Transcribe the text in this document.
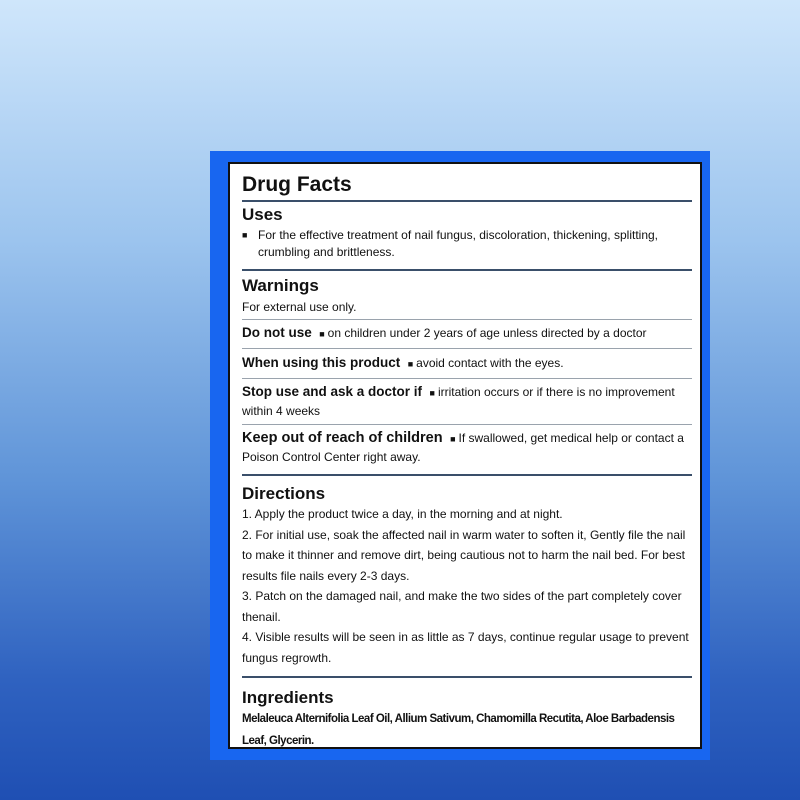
Drug Facts
Uses
■ For the effective treatment of nail fungus, discoloration, thickening, splitting, crumbling and brittleness.
Warnings
For external use only.
Do not use ■ on children under 2 years of age unless directed by a doctor
When using this product ■ avoid contact with the eyes.
Stop use and ask a doctor if ■ irritation occurs or if there is no improvement within 4 weeks
Keep out of reach of children ■ If swallowed, get medical help or contact a Poison Control Center right away.
Directions

1. Apply the product twice a day, in the morning and at night.

2. For initial use, soak the affected nail in warm water to soften it, Gently file the nail to make it thinner and remove dirt, being cautious not to harm the nail bed. For best results file nails every 2-3 days.

3. Patch on the damaged nail, and make the two sides of the part completely cover thenail.

4. Visible results will be seen in as little as 7 days, continue regular usage to prevent fungus regrowth.

Ingredients
Melaleuca Alternifolia Leaf Oil, Allium Sativum, Chamomilla Recutita, Aloe Barbadensis Leaf, Glycerin.
